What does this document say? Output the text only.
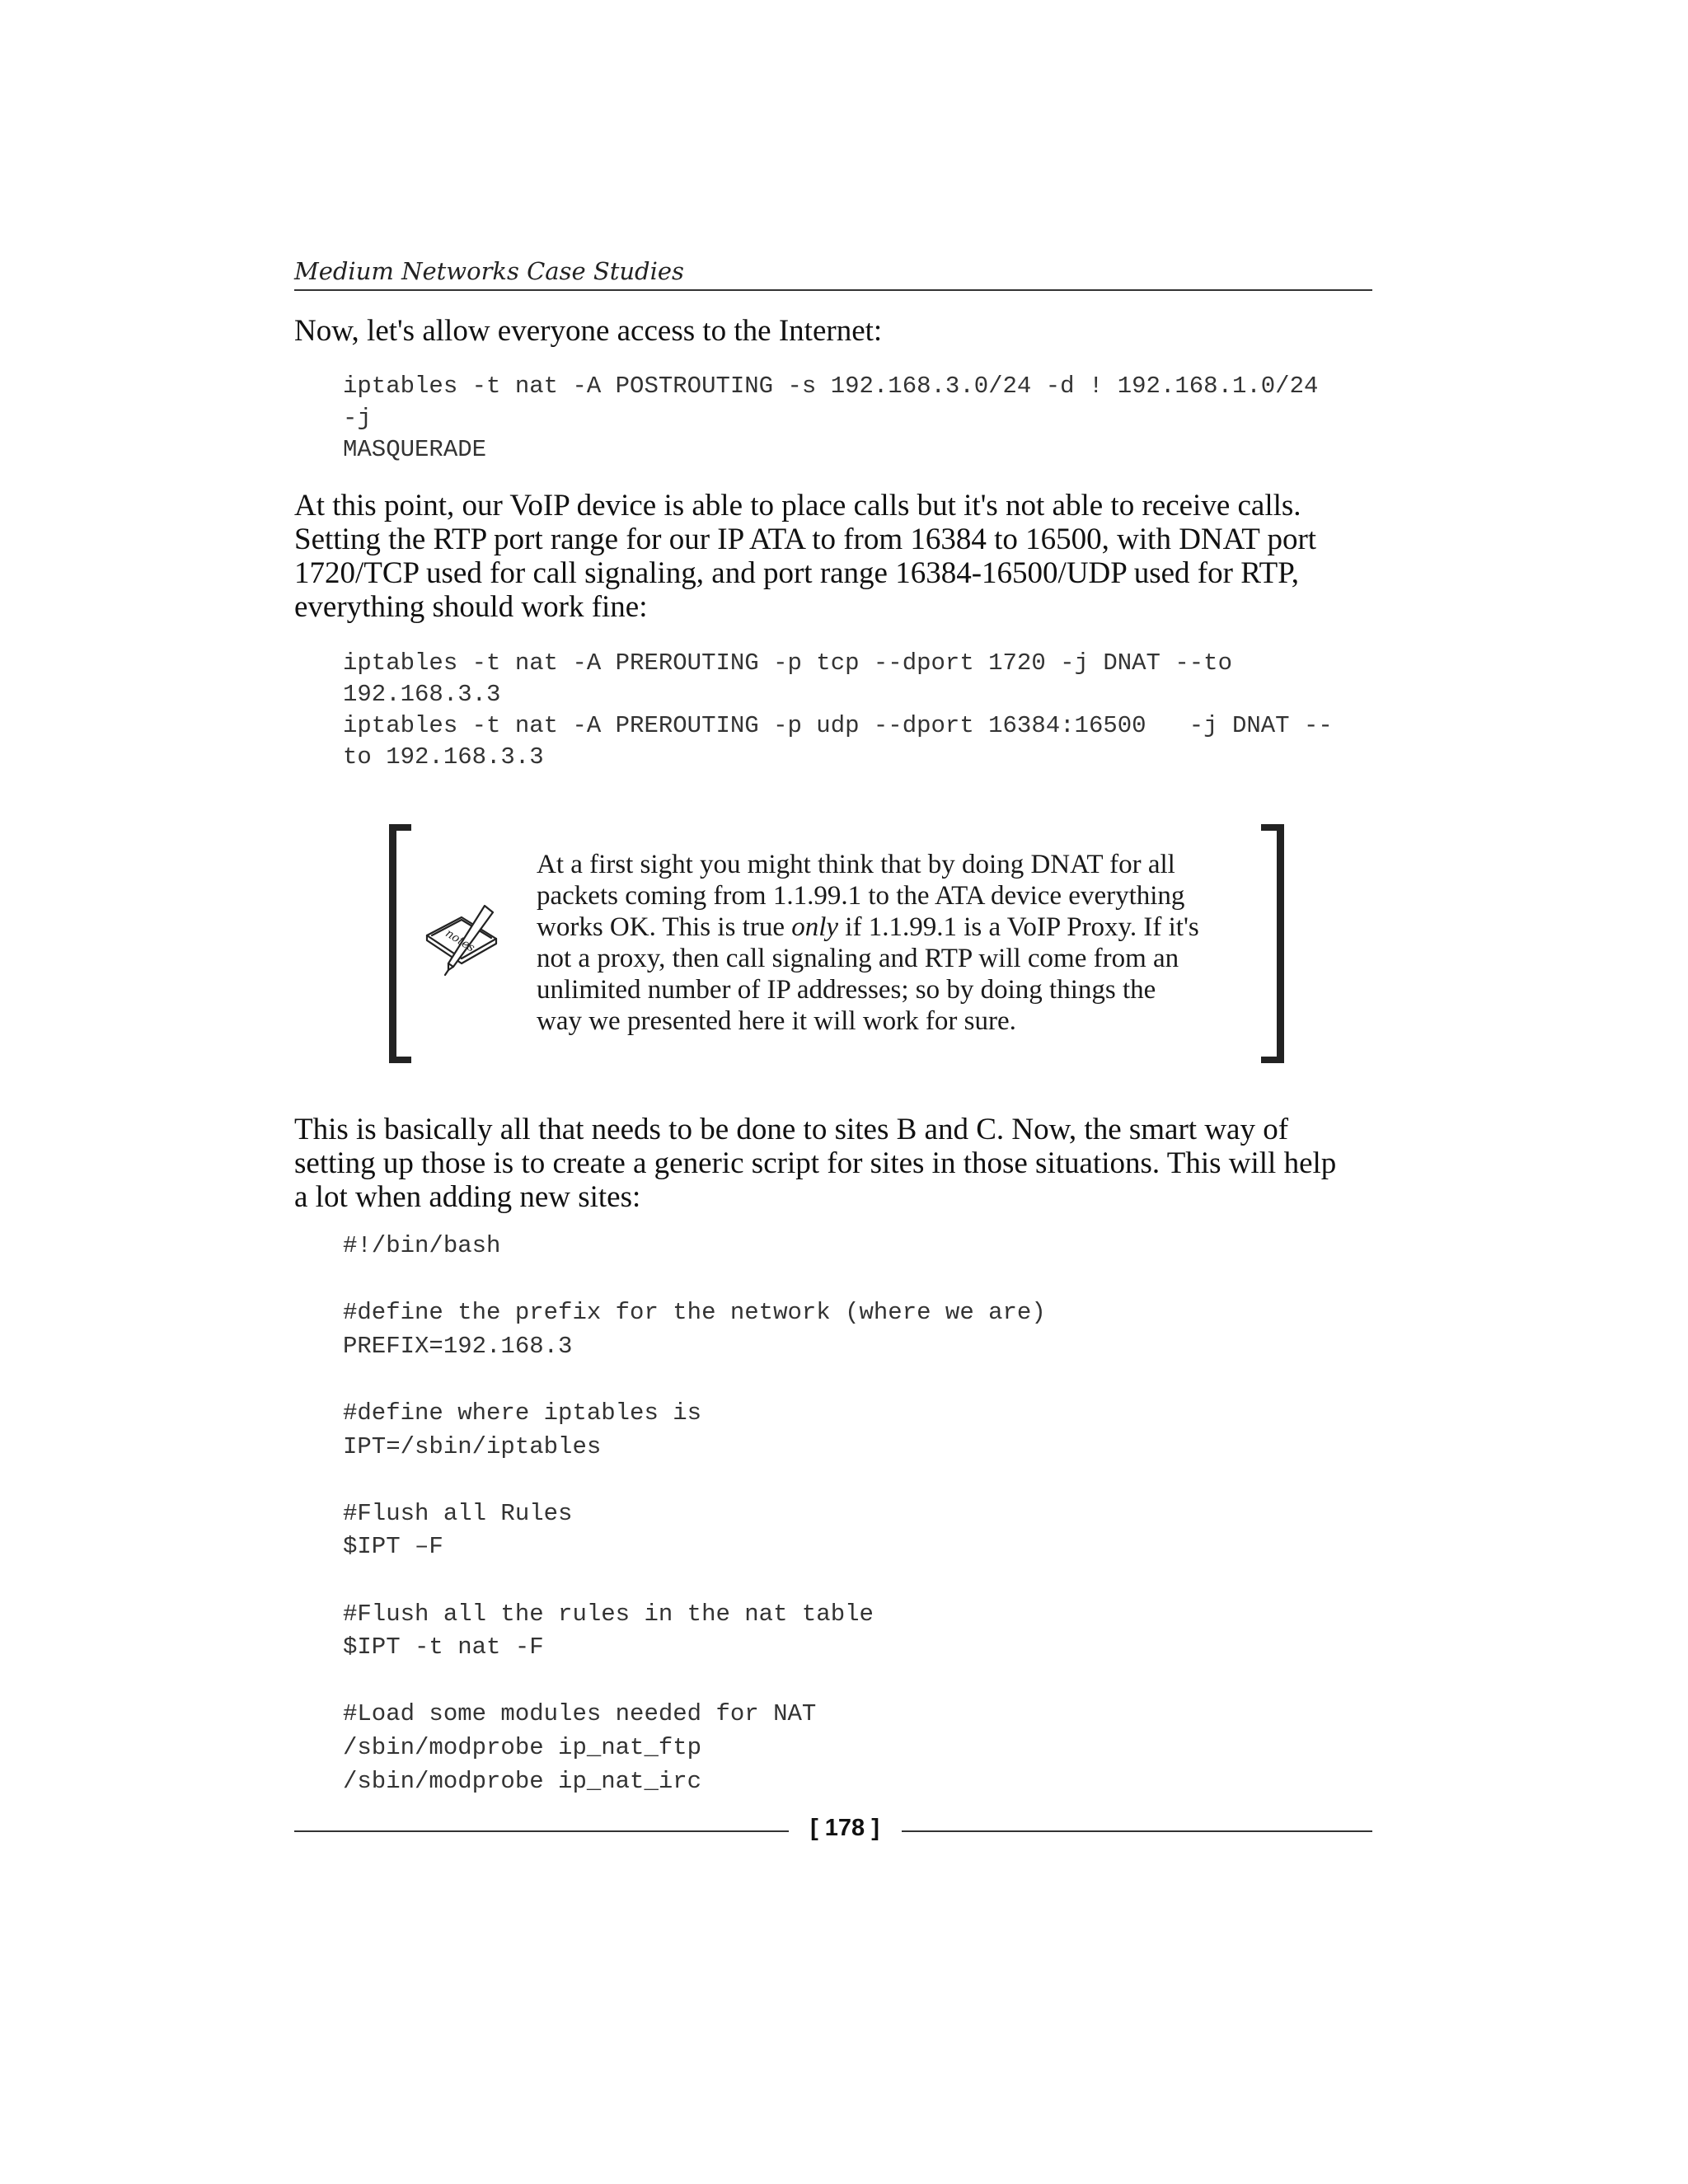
Medium Networks Case Studies

Now, let's allow everyone access to the Internet:

iptables -t nat -A POSTROUTING -s 192.168.3.0/24 -d ! 192.168.1.0/24
-j
MASQUERADE

At this point, our VoIP device is able to place calls but it's not able to receive calls.
Setting the RTP port range for our IP ATA to from 16384 to 16500, with DNAT port
1720/TCP used for call signaling, and port range 16384-16500/UDP used for RTP,
everything should work fine:

iptables -t nat -A PREROUTING -p tcp --dport 1720 -j DNAT --to
192.168.3.3
iptables -t nat -A PREROUTING -p udp --dport 16384:16500   -j DNAT --
to 192.168.3.3
notes

At a first sight you might think that by doing DNAT for all
packets coming from 1.1.99.1 to the ATA device everything
works OK. This is true only if 1.1.99.1 is a VoIP Proxy. If it's
not a proxy, then call signaling and RTP will come from an
unlimited number of IP addresses; so by doing things the
way we presented here it will work for sure.

This is basically all that needs to be done to sites B and C. Now, the smart way of
setting up those is to create a generic script for sites in those situations. This will help
a lot when adding new sites:

#!/bin/bash

#define the prefix for the network (where we are)
PREFIX=192.168.3

#define where iptables is
IPT=/sbin/iptables

#Flush all Rules
$IPT –F

#Flush all the rules in the nat table
$IPT -t nat -F

#Load some modules needed for NAT
/sbin/modprobe ip_nat_ftp
/sbin/modprobe ip_nat_irc
[ 178 ]
